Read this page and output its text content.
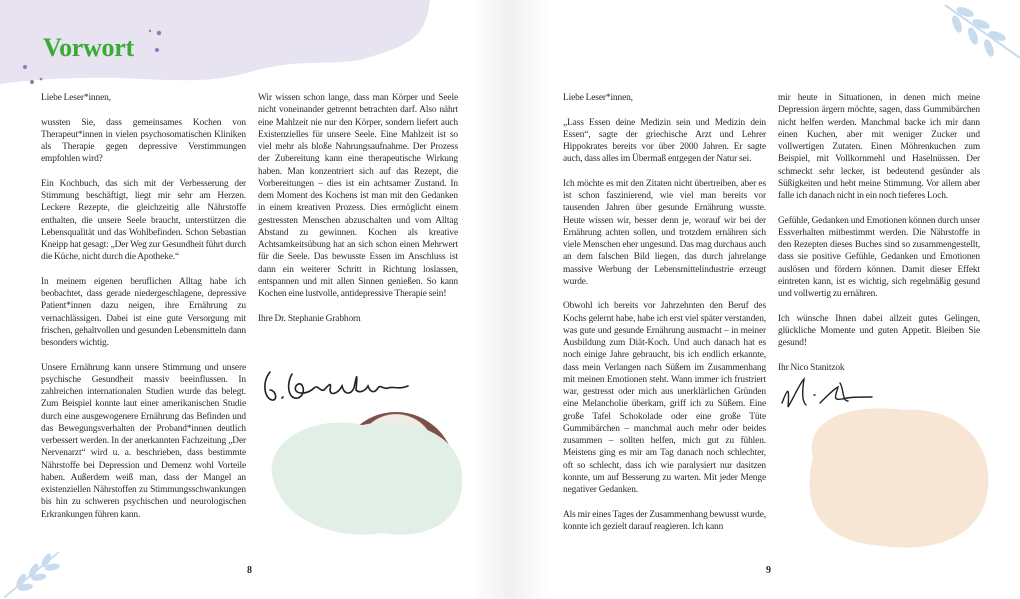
Vorwort

Liebe Leser*innen,

wussten Sie, dass gemeinsames Kochen von Therapeut*innen in vielen psychosomatischen Kliniken als Therapie gegen depressive Verstimmungen empfohlen wird?

Ein Kochbuch, das sich mit der Verbesserung der Stimmung beschäftigt, liegt mir sehr am Herzen. Leckere Rezepte, die gleichzeitig alle Nährstoffe enthalten, die unsere Seele braucht, unterstützen die Lebensqualität und das Wohlbefinden. Schon Sebastian Kneipp hat gesagt: „Der Weg zur Gesundheit führt durch die Küche, nicht durch die Apotheke.“

In meinem eigenen beruflichen Alltag habe ich beobachtet, dass gerade niedergeschlagene, depressive Patient*innen dazu neigen, ihre Ernährung zu vernachlässigen. Dabei ist eine gute Versorgung mit frischen, gehaltvollen und gesunden Lebensmitteln dann besonders wichtig.

Unsere Ernährung kann unsere Stimmung und unsere psychische Gesundheit massiv beeinflussen. In zahlreichen internationalen Studien wurde das belegt. Zum Beispiel konnte laut einer amerikanischen Studie durch eine ausgewogenere Ernährung das Befinden und das Bewegungsverhalten der Proband*innen deutlich verbessert werden. In der anerkannten Fachzeitung „Der Nervenarzt“ wird u. a. beschrieben, dass bestimmte Nährstoffe bei Depression und Demenz wohl Vorteile haben. Außerdem weiß man, dass der Mangel an existenziellen Nährstoffen zu Stimmungsschwankungen bis hin zu schweren psychischen und neurologischen Erkrankungen führen kann.

Wir wissen schon lange, dass man Körper und Seele nicht voneinander getrennt betrachten darf. Also nährt eine Mahlzeit nie nur den Körper, sondern liefert auch Existenzielles für unsere Seele. Eine Mahlzeit ist so viel mehr als bloße Nahrungsaufnahme. Der Prozess der Zubereitung kann eine therapeutische Wirkung haben. Man konzentriert sich auf das Rezept, die Vorbereitungen – dies ist ein achtsamer Zustand. In dem Moment des Kochens ist man mit den Gedanken in einem kreativen Prozess. Dies ermöglicht einem gestressten Menschen abzuschalten und vom Alltag Abstand zu gewinnen. Kochen als kreative Achtsamkeitsübung hat an sich schon einen Mehrwert für die Seele. Das bewusste Essen im Anschluss ist dann ein weiterer Schritt in Richtung loslassen, entspannen und mit allen Sinnen genießen. So kann Kochen eine lustvolle, antidepressive Therapie sein!

Ihre Dr. Stephanie Grabhorn

8

Liebe Leser*innen,

„Lass Essen deine Medizin sein und Medizin dein Essen“, sagte der griechische Arzt und Lehrer Hippokrates bereits vor über 2000 Jahren. Er sagte auch, dass alles im Übermaß entgegen der Natur sei.

Ich möchte es mit den Zitaten nicht übertreiben, aber es ist schon faszinierend, wie viel man bereits vor tausenden Jahren über gesunde Ernährung wusste. Heute wissen wir, besser denn je, worauf wir bei der Ernährung achten sollen, und trotzdem ernähren sich viele Menschen eher ungesund. Das mag durchaus auch an dem falschen Bild liegen, das durch jahrelange massive Werbung der Lebensmittelindustrie erzeugt wurde.

Obwohl ich bereits vor Jahrzehnten den Beruf des Kochs gelernt habe, habe ich erst viel später verstanden, was gute und gesunde Ernährung ausmacht – in meiner Ausbildung zum Diät-Koch. Und auch danach hat es noch einige Jahre gebraucht, bis ich endlich erkannte, dass mein Verlangen nach Süßem im Zusammenhang mit meinen Emotionen steht. Wann immer ich frustriert war, gestresst oder mich aus unerklärlichen Gründen eine Melancholie überkam, griff ich zu Süßem. Eine große Tafel Schokolade oder eine große Tüte Gummibärchen – manchmal auch mehr oder beides zusammen – sollten helfen, mich gut zu fühlen. Meistens ging es mir am Tag danach noch schlechter, oft so schlecht, dass ich wie paralysiert nur dasitzen konnte, um auf Besserung zu warten. Mit jeder Menge negativer Gedanken.

Als mir eines Tages der Zusammenhang bewusst wurde, konnte ich gezielt darauf reagieren. Ich kann

mir heute in Situationen, in denen mich meine Depression ärgern möchte, sagen, dass Gummibärchen nicht helfen werden. Manchmal backe ich mir dann einen Kuchen, aber mit weniger Zucker und vollwertigen Zutaten. Einen Möhrenkuchen zum Beispiel, mit Vollkornmehl und Haselnüssen. Der schmeckt sehr lecker, ist bedeutend gesünder als Süßigkeiten und hebt meine Stimmung. Vor allem aber falle ich danach nicht in ein noch tieferes Loch.

Gefühle, Gedanken und Emotionen können durch unser Essverhalten mitbestimmt werden. Die Nährstoffe in den Rezepten dieses Buches sind so zusammengestellt, dass sie positive Gefühle, Gedanken und Emotionen auslösen und fördern können. Damit dieser Effekt eintreten kann, ist es wichtig, sich regelmäßig gesund und vollwertig zu ernähren.

Ich wünsche Ihnen dabei allzeit gutes Gelingen, glückliche Momente und guten Appetit. Bleiben Sie gesund!

Ihr Nico Stanitzok

9
